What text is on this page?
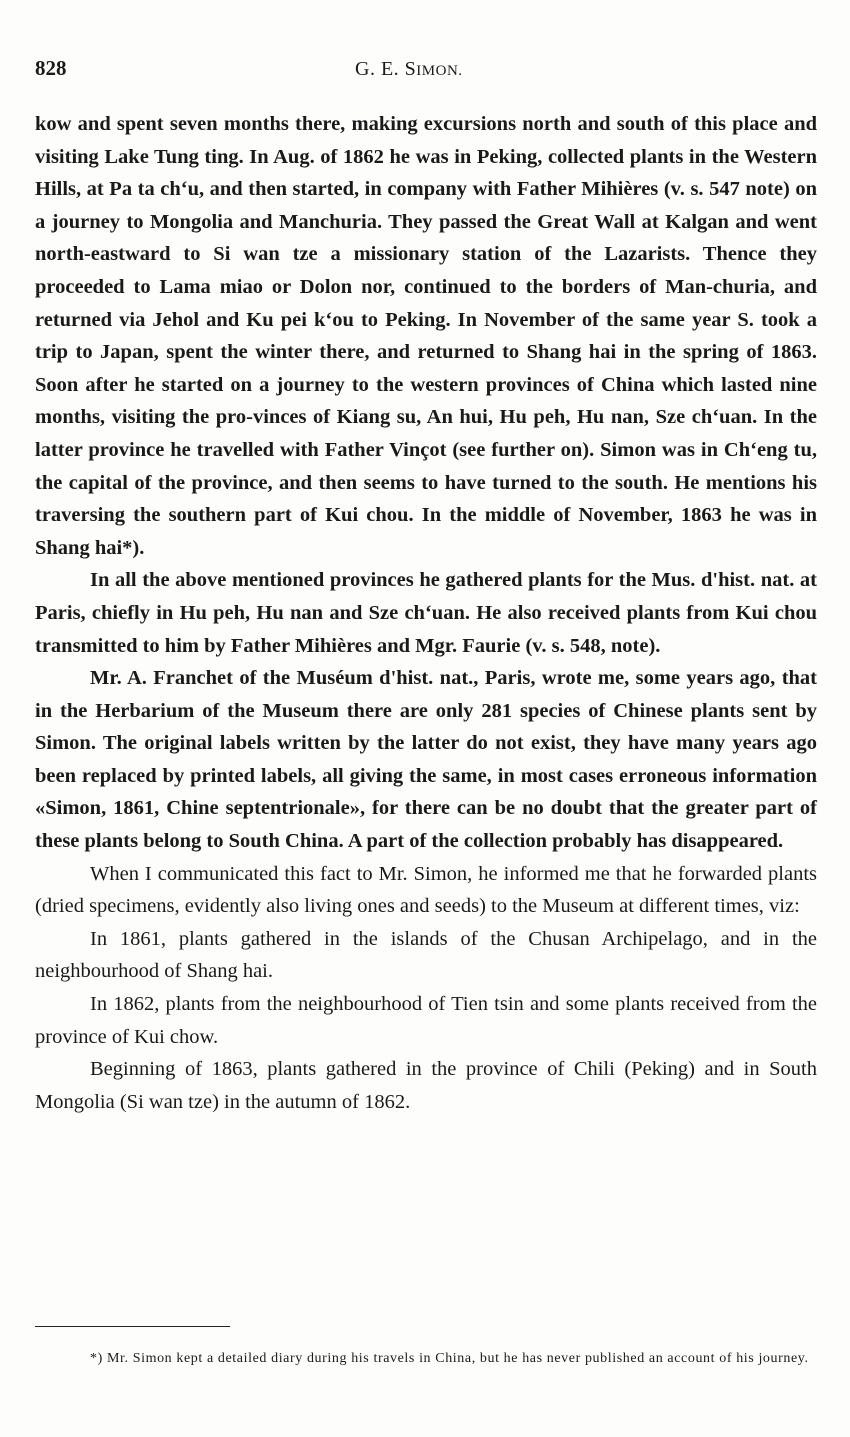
828	G. E. SIMON.

kow and spent seven months there, making excursions north and south of this place and visiting Lake Tung ting. In Aug. of 1862 he was in Peking, collected plants in the Western Hills, at Pa ta chʻu, and then started, in company with Father Mihières (v. s. 547 note) on a journey to Mongolia and Manchuria. They passed the Great Wall at Kalgan and went north-eastward to Si wan tze a missionary station of the Lazarists. Thence they proceeded to Lama miao or Dolon nor, continued to the borders of Man-churia, and returned via Jehol and Ku pei kʻou to Peking. In November of the same year S. took a trip to Japan, spent the winter there, and returned to Shang hai in the spring of 1863. Soon after he started on a journey to the western provinces of China which lasted nine months, visiting the pro-vinces of Kiang su, An hui, Hu peh, Hu nan, Sze chʻuan. In the latter province he travelled with Father Vinçot (see further on). Simon was in Chʻeng tu, the capital of the province, and then seems to have turned to the south. He mentions his traversing the southern part of Kui chou. In the middle of November, 1863 he was in Shang hai*).

In all the above mentioned provinces he gathered plants for the Mus. d'hist. nat. at Paris, chiefly in Hu peh, Hu nan and Sze chʻuan. He also received plants from Kui chou transmitted to him by Father Mihières and Mgr. Faurie (v. s. 548, note).

Mr. A. Franchet of the Muséum d'hist. nat., Paris, wrote me, some years ago, that in the Herbarium of the Museum there are only 281 species of Chinese plants sent by Simon. The original labels written by the latter do not exist, they have many years ago been replaced by printed labels, all giving the same, in most cases erroneous information «Simon, 1861, Chine septentrionale», for there can be no doubt that the greater part of these plants belong to South China. A part of the collection probably has disappeared.

When I communicated this fact to Mr. Simon, he informed me that he forwarded plants (dried specimens, evidently also living ones and seeds) to the Museum at different times, viz:

In 1861, plants gathered in the islands of the Chusan Archipelago, and in the neighbourhood of Shang hai.

In 1862, plants from the neighbourhood of Tien tsin and some plants received from the province of Kui chow.

Beginning of 1863, plants gathered in the province of Chili (Peking) and in South Mongolia (Si wan tze) in the autumn of 1862.

*) Mr. Simon kept a detailed diary during his travels in China, but he has never published an account of his journey.
